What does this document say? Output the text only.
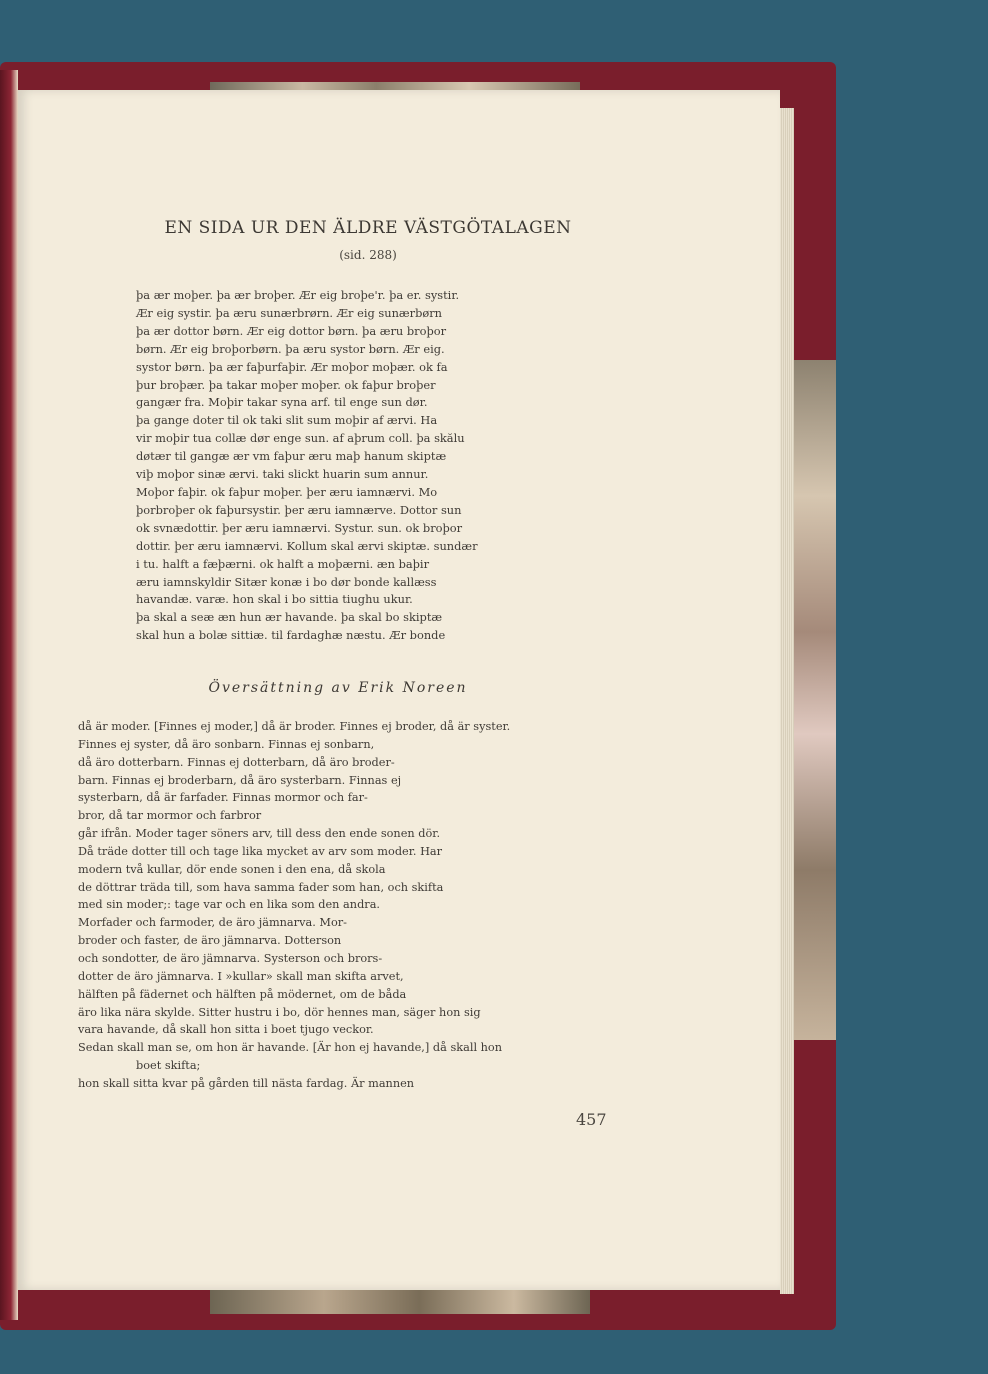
EN SIDA UR DEN ÄLDRE VÄSTGÖTALAGEN
(sid. 288)
þa ær moþer. þa ær broþer. Ær eig broþe'r. þa er. systir.
Ær eig systir. þa æru sunærbrørn. Ær eig sunærbørn
þa ær dottor børn. Ær eig dottor børn. þa æru broþor
børn. Ær eig broþorbørn. þa æru systor børn. Ær eig.
systor børn. þa ær faþurfaþir. Ær moþor moþær. ok fa
þur broþær. þa takar moþer moþer. ok faþur broþer
gangær fra. Moþir takar syna arf. til enge sun dør.
þa gange doter til ok taki slit sum moþir af ærvi. Ha
vir moþir tua collæ dør enge sun. af aþrum coll. þa skălu
døtær til gangæ ær vm faþur æru maþ hanum skiptæ
viþ moþor sinæ ærvi. taki slickt huarin sum annur.
Moþor faþir. ok faþur moþer. þer æru iamnærvi. Mo
þorbroþer ok faþursystir. þer æru iamnærve. Dottor sun
ok svnædottir. þer æru iamnærvi. Systur. sun. ok broþor
dottir. þer æru iamnærvi. Kollum skal ærvi skiptæ. sundær
i tu. halft a fæþærni. ok halft a moþærni. æn baþir
æru iamnskyldir Sitær konæ i bo dør bonde kallæss
havandæ. varæ. hon skal i bo sittia tiughu ukur.
þa skal a seæ æn hun ær havande. þa skal bo skiptæ
skal hun a bolæ sittiæ. til fardaghæ næstu. Ær bonde
Översättning av Erik Noreen
då är moder. [Finnes ej moder,] då är broder. Finnes ej broder, då är syster.
Finnes ej syster, då äro sonbarn. Finnas ej sonbarn,
då äro dotterbarn. Finnas ej dotterbarn, då äro broder-
barn. Finnas ej broderbarn, då äro systerbarn. Finnas ej
systerbarn, då är farfader. Finnas mormor och far-
bror, då tar mormor och farbror
går ifrån. Moder tager söners arv, till dess den ende sonen dör.
Då träde dotter till och tage lika mycket av arv som moder. Har
modern två kullar, dör ende sonen i den ena, då skola
de döttrar träda till, som hava samma fader som han, och skifta
med sin moder;: tage var och en lika som den andra.
Morfader och farmoder, de äro jämnarva. Mor-
broder och faster, de äro jämnarva. Dotterson
och sondotter, de äro jämnarva. Systerson och brors-
dotter de äro jämnarva. I »kullar» skall man skifta arvet,
hälften på fädernet och hälften på mödernet, om de båda
äro lika nära skylde. Sitter hustru i bo, dör hennes man, säger hon sig
vara havande, då skall hon sitta i boet tjugo veckor.
Sedan skall man se, om hon är havande. [Är hon ej havande,] då skall hon
boet skifta;
hon skall sitta kvar på gården till nästa fardag. Är mannen
457
